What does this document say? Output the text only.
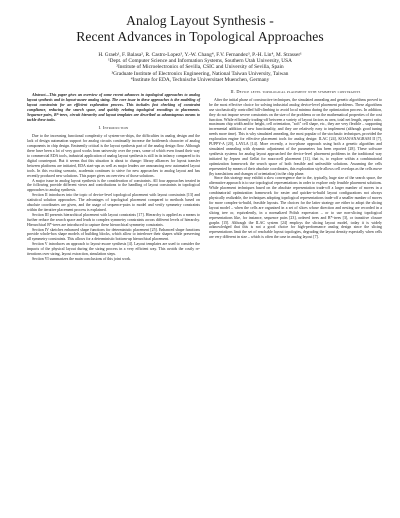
Analog Layout Synthesis -
Recent Advances in Topological Approaches

H. Graeb¹, F. Balasa², R. Castro-Lopez³, Y.-W. Chang⁴, F.V. Fernandez³, P.-H. Lin⁴, M. Strasser¹

¹Dept. of Computer Science and Information Systems, Southern Utah University, USA

²Institute of Microelectronics of Sevilla, CSIC and University of Sevilla, Spain

³Graduate Institute of Electronics Engineering, National Taiwan University, Taiwan

⁴Institute for EDA, Technische Universitaet Muenchen, Germany

Abstract—This paper gives an overview of some recent advances in topological approaches to analog layout synthesis and in layout-aware analog sizing. The core issue in these approaches is the modeling of layout constraints for an efficient exploration process. This includes fast checking of constraint compliance, reducing the search space, and quickly relating topological encodings to placements. Sequence-pairs, B*-trees, circuit hierarchy and layout templates are described as advantageous means to tackle these tasks.

I. Introduction

Due to the increasing functional complexity of system-on-chips, the difficulties in analog design and the lack of design automation support for analog circuits continually increase the bottleneck character of analog components in chip design. Eminently critical is the layout synthesis part of the analog design flow. Although there have been a lot of very good works from university over the years, some of which even found their way to commercial EDA tools, industrial application of analog layout synthesis is still in its infancy compared to its digital counterpart. But it seems that this situation is about to change: library alliances for layout transfer between platforms are initiated, EDA start-ups as well as major leaders are announcing new automated layout tools. In this exciting scenario, academia continues to strive for new approaches to analog layout and has recently produced new solutions. This paper gives an overview of those solutions.

A major issue in analog layout synthesis is the consideration of constraints. All four approaches treated in the following provide different views and contributions to the handling of layout constraints in topological approaches to analog synthesis.

Section II introduces into the topic of device-level topological placement with layout constraints [13] and statistical solution approaches. The advantages of topological placement compared to methods based on absolute coordinates are given, and the usage of sequence-pairs to model and verify symmetry constraints within the iterative placement process is explained.

Section III presents hierarchical placement with layout constraints [17]. Hierarchy is applied as a means to further reduce the search space and leads to complex symmetry constraints across different levels of hierarchy. Hierarchical B*-trees are introduced to capture these hierarchical symmetry constraints.

Section IV sketches enhanced shape functions for deterministic placement [25]. Enhanced shape functions provide whole-box shape models of building blocks, which allow to interleave their shapes while preserving all symmetry constraints. This allows for a deterministic bottom-up hierarchical placement.

Section V introduces an approach to layout-aware synthesis [4]. Layout templates are used to consider the impacts of the physical layout during the sizing process in a very efficient way. This avoids the costly re-iterations over sizing, layout extraction, simulation steps.

Section VI summarizes the main conclusions of this joint work.

II. Device level topological placement with symmetry constraints

After the initial phase of constructive techniques, the simulated annealing and genetic algorithms proved to be the most effective choice for solving industrial analog device-level placement problems. These algorithms use stochastically controlled hill-climbing to avoid local minima during the optimization process. In addition, they do not impose severe constraints on the size of the problems or on the mathematical properties of the cost function. While efficiently trading-off between a variety of layout factors as area, total net length, aspect ratio, maximum chip width and/or height, cell orientation, "soft" cell shape, etc., they are very flexible – supporting incremental addition of new functionality, and they are relatively easy to implement (although good tuning needs more time). This is why simulated annealing, the most popular of the stochastic techniques, provided the exploration engine for effective placement tools for analog design: ILAC [24], KOAN/ANAGRAM II [7], PUPPY-A [20], LAYLA [14]. More recently, a two-phase approach using both a genetic algorithm and simulated annealing with dynamic adjustment of the parameters has been reported [28]. These software synthesis systems for analog layout approached the device-level placement problems in the traditional way initiated by Jepsen and Gellat for macrocell placement [11], that is, to explore within a combinatorial optimization framework the search space of both feasible and unfeasible solutions. Assuming the cells represented by means of their absolute coordinates, this exploration style allows cell overlaps as the cells move (by translations and changes of orientation) in the chip plane.

Since this strategy may exhibit a slow convergence due to the, typically, huge size of the search space, the alternative approach is to use topological representations in order to explore only feasible placement solutions. While placement techniques based on the absolute representation trade-off a larger number of moves in a combinatorial optimization framework for easier and quicker-to-build layout configurations not always physically realizable, the techniques adopting topological representations trade-off a smaller number of moves for more complex-to-build, feasible layouts. The choices for the latter strategy are either to adopt the slicing layout model – when the cells are organized in a set of slices whose direction and nesting are recorded in a slicing tree or, equivalently, in a normalized Polish expression – or to use non-slicing topological representations like, for instance, sequence pairs [23], ordered trees and B*-trees [3], or transitive closure graphs [15]. Although the ILAC system [24] employs the slicing layout model, today it is widely acknowledged that this is not a good choice for high-performance analog design since the slicing representations limit the set of reachable layout topologies, degrading the layout density especially when cells are very different in size – which is often the case in analog layout [7].
